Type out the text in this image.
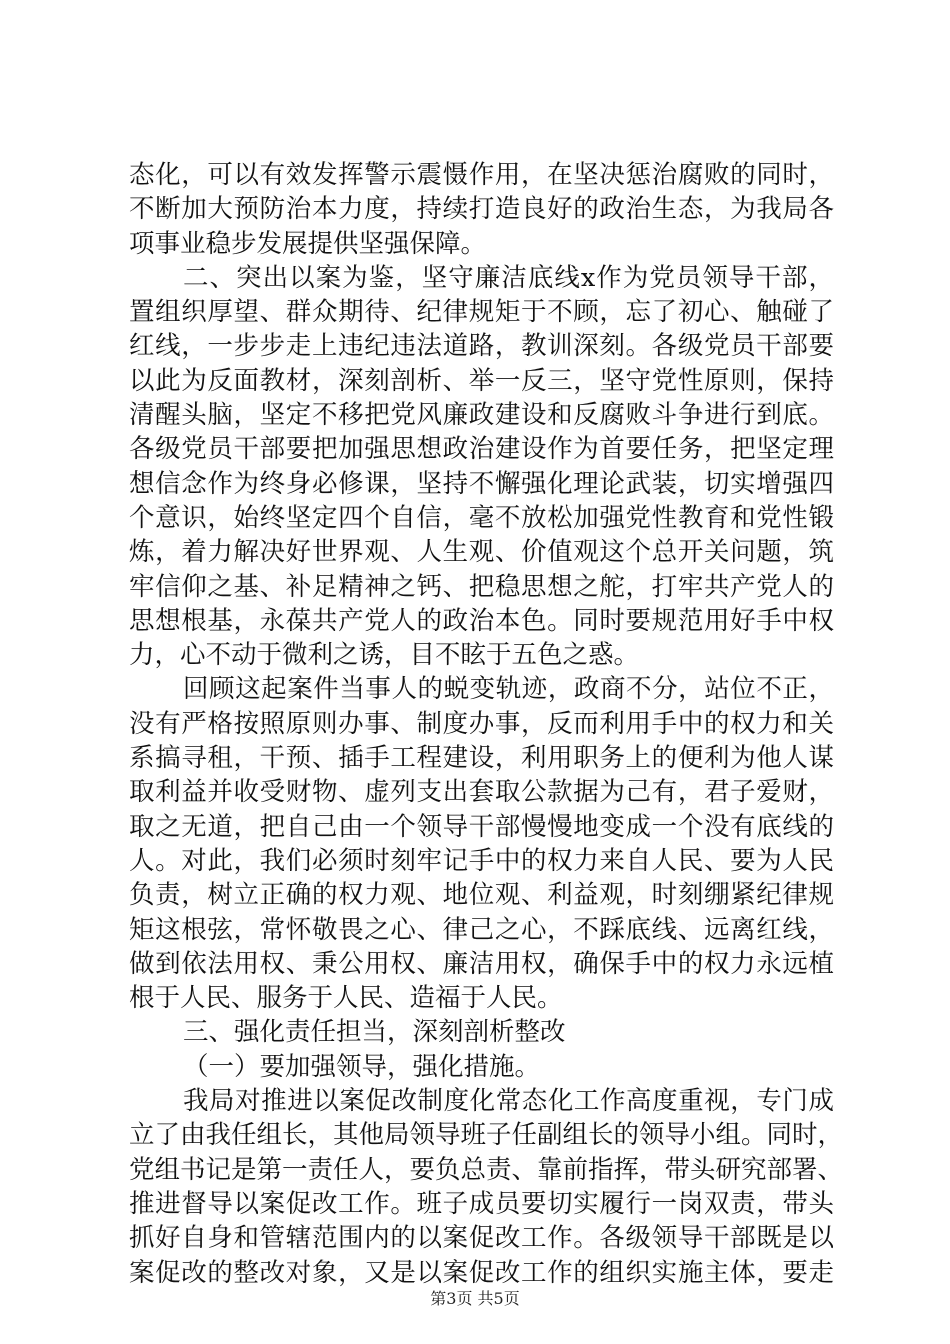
态化，可以有效发挥警示震慑作用，在坚决惩治腐败的同时，
不断加大预防治本力度，持续打造良好的政治生态，为我局各
项事业稳步发展提供坚强保障。
二、突出以案为鉴，坚守廉洁底线x作为党员领导干部，
置组织厚望、群众期待、纪律规矩于不顾，忘了初心、触碰了
红线，一步步走上违纪违法道路，教训深刻。各级党员干部要
以此为反面教材，深刻剖析、举一反三，坚守党性原则，保持
清醒头脑，坚定不移把党风廉政建设和反腐败斗争进行到底。
各级党员干部要把加强思想政治建设作为首要任务，把坚定理
想信念作为终身必修课，坚持不懈强化理论武装，切实增强四
个意识，始终坚定四个自信，毫不放松加强党性教育和党性锻
炼，着力解决好世界观、人生观、价值观这个总开关问题，筑
牢信仰之基、补足精神之钙、把稳思想之舵，打牢共产党人的
思想根基，永葆共产党人的政治本色。同时要规范用好手中权
力，心不动于微利之诱，目不眩于五色之惑。
回顾这起案件当事人的蜕变轨迹，政商不分，站位不正，
没有严格按照原则办事、制度办事，反而利用手中的权力和关
系搞寻租，干预、插手工程建设，利用职务上的便利为他人谋
取利益并收受财物、虚列支出套取公款据为己有，君子爱财，
取之无道，把自己由一个领导干部慢慢地变成一个没有底线的
人。对此，我们必须时刻牢记手中的权力来自人民、要为人民
负责，树立正确的权力观、地位观、利益观，时刻绷紧纪律规
矩这根弦，常怀敬畏之心、律己之心，不踩底线、远离红线，
做到依法用权、秉公用权、廉洁用权，确保手中的权力永远植
根于人民、服务于人民、造福于人民。
三、强化责任担当，深刻剖析整改
（一）要加强领导，强化措施。
我局对推进以案促改制度化常态化工作高度重视，专门成
立了由我任组长，其他局领导班子任副组长的领导小组。同时，
党组书记是第一责任人，要负总责、靠前指挥，带头研究部署、
推进督导以案促改工作。班子成员要切实履行一岗双责，带头
抓好自身和管辖范围内的以案促改工作。各级领导干部既是以
案促改的整改对象，又是以案促改工作的组织实施主体，要走
第3页 共5页
